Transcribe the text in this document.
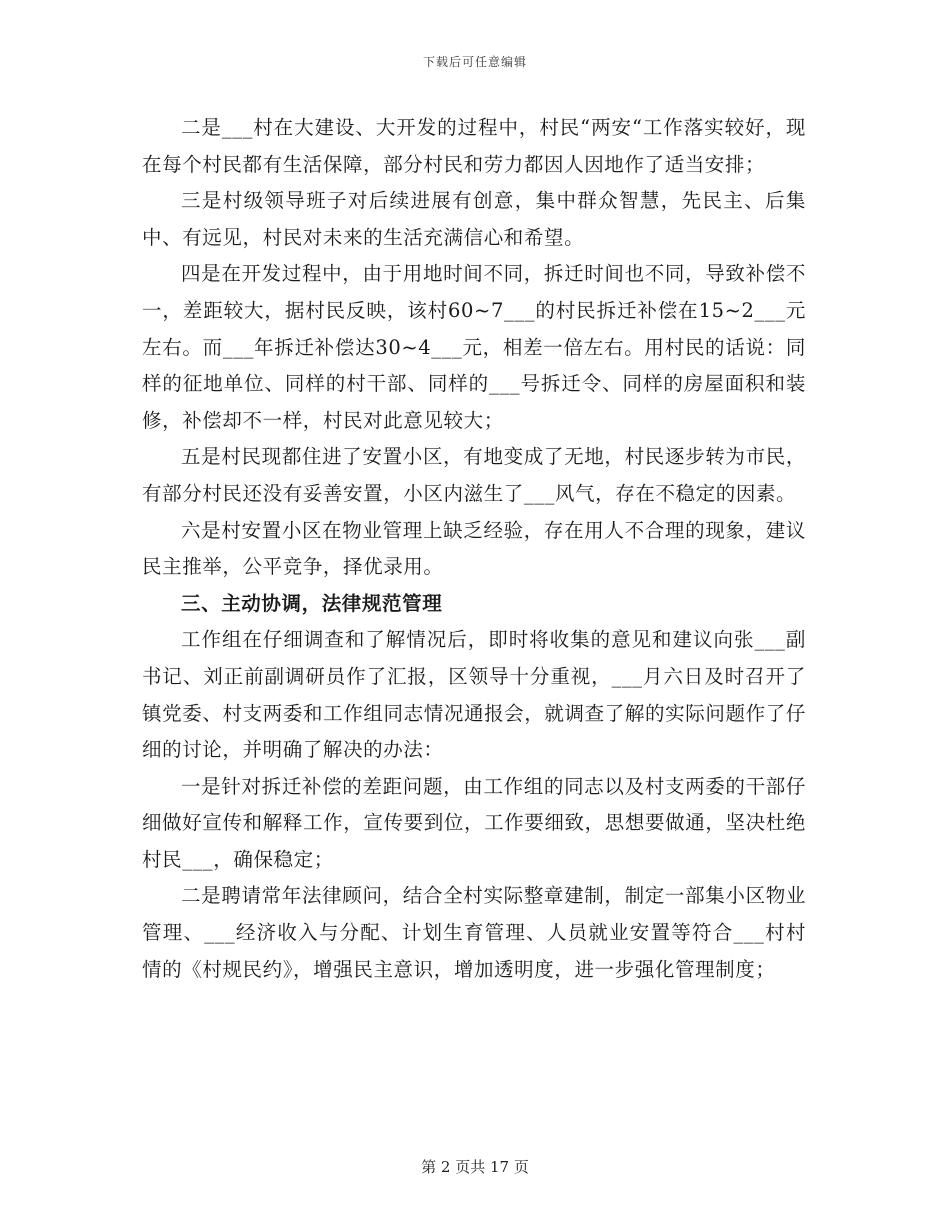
下载后可任意编辑

二是___村在大建设、大开发的过程中，村民“两安“工作落实较好，现在每个村民都有生活保障，部分村民和劳力都因人因地作了适当安排；

三是村级领导班子对后续进展有创意，集中群众智慧，先民主、后集中、有远见，村民对未来的生活充满信心和希望。

四是在开发过程中，由于用地时间不同，拆迁时间也不同，导致补偿不一，差距较大，据村民反映，该村60~7___的村民拆迁补偿在15~2___元左右。而___年拆迁补偿达30~4___元，相差一倍左右。用村民的话说：同样的征地单位、同样的村干部、同样的___号拆迁令、同样的房屋面积和装修，补偿却不一样，村民对此意见较大；

五是村民现都住进了安置小区，有地变成了无地，村民逐步转为市民，有部分村民还没有妥善安置，小区内滋生了___风气，存在不稳定的因素。

六是村安置小区在物业管理上缺乏经验，存在用人不合理的现象，建议民主推举，公平竞争，择优录用。

三、主动协调，法律规范管理

工作组在仔细调查和了解情况后，即时将收集的意见和建议向张___副书记、刘正前副调研员作了汇报，区领导十分重视，___月六日及时召开了镇党委、村支两委和工作组同志情况通报会，就调查了解的实际问题作了仔细的讨论，并明确了解决的办法：

一是针对拆迁补偿的差距问题，由工作组的同志以及村支两委的干部仔细做好宣传和解释工作，宣传要到位，工作要细致，思想要做通，坚决杜绝村民___，确保稳定；

二是聘请常年法律顾问，结合全村实际整章建制，制定一部集小区物业管理、___经济收入与分配、计划生育管理、人员就业安置等符合___村村情的《村规民约》，增强民主意识，增加透明度，进一步强化管理制度；

第 2 页共 17 页
